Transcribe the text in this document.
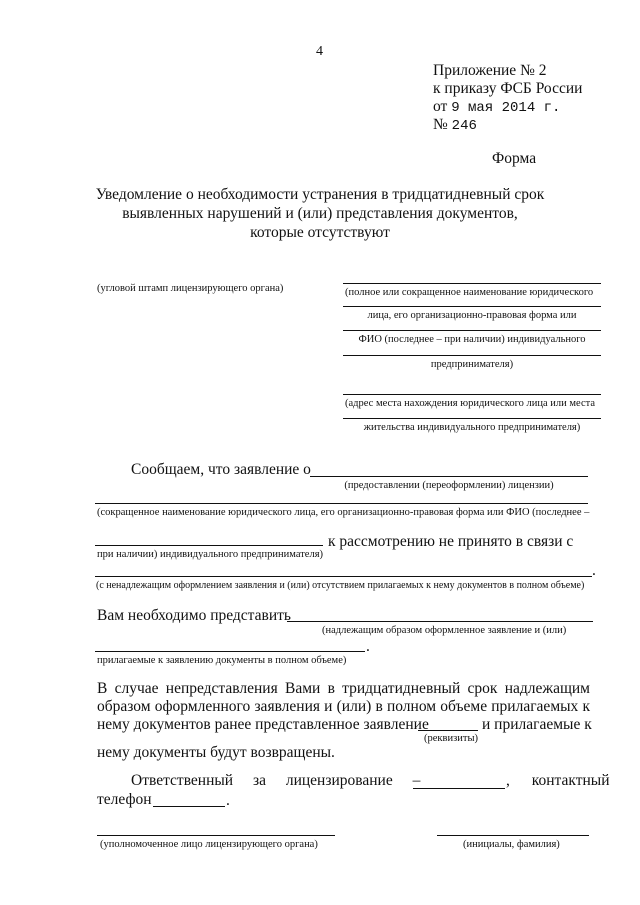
4
Приложение № 2
к приказу ФСБ России
от 9 мая 2014 г.
№ 246
Форма
Уведомление о необходимости устранения в тридцатидневный срок
выявленных нарушений и (или) представления документов,
которые отсутствуют
(угловой штамп лицензирующего органа)	(полное или сокращенное наименование юридического
лица, его организационно-правовая форма или
ФИО (последнее – при наличии) индивидуального
предпринимателя)
(адрес места нахождения юридического лица или места
жительства индивидуального предпринимателя)
Сообщаем, что заявление о
(предоставлении (переоформлении) лицензии)
(сокращенное наименование юридического лица, его организационно-правовая форма или ФИО (последнее –
к рассмотрению не принято в связи с
при наличии) индивидуального предпринимателя)
.
(с ненадлежащим оформлением заявления и (или) отсутствием прилагаемых к нему документов в полном объеме)
Вам необходимо представить
(надлежащим образом оформленное заявление и (или)
.
прилагаемые к заявлению документы в полном объеме)
В случае непредставления Вами в тридцатидневный срок надлежащим
образом оформленного заявления и (или) в полном объеме прилагаемых к
нему документов ранее представленное заявление	и прилагаемые к
(реквизиты)
нему документы будут возвращены.
Ответственный за лицензирование –	, контактный
телефон	.
(уполномоченное лицо лицензирующего органа)	(инициалы, фамилия)
